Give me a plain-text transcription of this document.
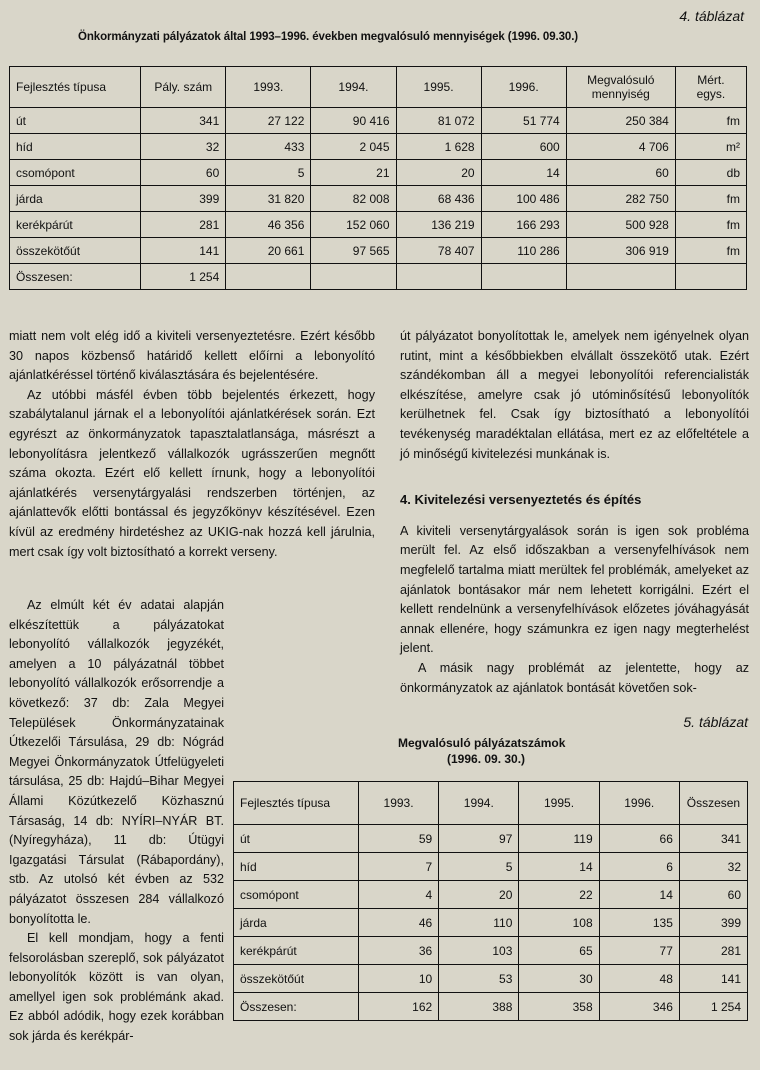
4. táblázat
Önkormányzati pályázatok által 1993–1996. években megvalósuló mennyiségek (1996. 09.30.)
Fejlesztés típusa	Pály. szám	1993.	1994.	1995.	1996.	Megvalósuló mennyiség	Mért. egys.
út	341	27 122	90 416	81 072	51 774	250 384	fm
híd	32	433	2 045	1 628	600	4 706	m²
csomópont	60	5	21	20	14	60	db
járda	399	31 820	82 008	68 436	100 486	282 750	fm
kerékpárút	281	46 356	152 060	136 219	166 293	500 928	fm
összekötőút	141	20 661	97 565	78 407	110 286	306 919	fm
Összesen:	1 254						

miatt nem volt elég idő a kiviteli versenyeztetésre. Ezért később 30 napos közbenső határidő kellett előírni a lebonyolító ajánlatkéréssel történő kiválasztására és bejelentésére.

Az utóbbi másfél évben több bejelentés érkezett, hogy szabálytalanul járnak el a lebonyolítói ajánlatkérések során. Ezt egyrészt az önkormányzatok tapasztalatlansága, másrészt a lebonyolításra jelentkező vállalkozók ugrásszerűen megnőtt száma okozta. Ezért elő kellett írnunk, hogy a lebonyolítói ajánlatkérés versenytárgyalási rendszerben történjen, az ajánlattevők előtti bontással és jegyzőkönyv készítésével. Ezen kívül az eredmény hirdetéshez az UKIG-nak hozzá kell járulnia, mert csak így volt biztosítható a korrekt verseny.

Az elmúlt két év adatai alapján elkészítettük a pályázatokat lebonyolító vállalkozók jegyzékét, amelyen a 10 pályázatnál többet lebonyolító vállalkozók erősorrendje a következő: 37 db: Zala Megyei Települések Önkormányzatainak Útkezelői Társulása, 29 db: Nógrád Megyei Önkormányzatok Útfelügyeleti társulása, 25 db: Hajdú–Bihar Megyei Állami Közútkezelő Közhasznú Társaság, 14 db: NYÍRI–NYÁR BT. (Nyíregyháza), 11 db: Útügyi Igazgatási Társulat (Rábapordány), stb. Az utolsó két évben az 532 pályázatot összesen 284 vállalkozó bonyolította le.

El kell mondjam, hogy a fenti felsorolásban szereplő, sok pályázatot lebonyolítók között is van olyan, amellyel igen sok problémánk akad. Ez abból adódik, hogy ezek korábban sok járda és kerékpár-

út pályázatot bonyolítottak le, amelyek nem igényelnek olyan rutint, mint a későbbiekben elvállalt összekötő utak. Ezért szándékomban áll a megyei lebonyolítói referencialisták elkészítése, amelyre csak jó utóminősítésű lebonyolítók kerülhetnek fel. Csak így biztosítható a lebonyolítói tevékenység maradéktalan ellátása, mert ez az előfeltétele a jó minőségű kivitelezési munkának is.

4. Kivitelezési versenyeztetés és építés

A kiviteli versenytárgyalások során is igen sok probléma merült fel. Az első időszakban a versenyfelhívások nem megfelelő tartalma miatt merültek fel problémák, amelyeket az ajánlatok bontásakor már nem lehetett korrigálni. Ezért el kellett rendelnünk a versenyfelhívások előzetes jóváhagyását annak ellenére, hogy számunkra ez igen nagy megterhelést jelent.

A másik nagy problémát az jelentette, hogy az önkormányzatok az ajánlatok bontását követően sok-

5. táblázat
Megvalósuló pályázatszámok
(1996. 09. 30.)
Fejlesztés típusa	1993.	1994.	1995.	1996.	Összesen
út	59	97	119	66	341
híd	7	5	14	6	32
csomópont	4	20	22	14	60
járda	46	110	108	135	399
kerékpárút	36	103	65	77	281
összekötőút	10	53	30	48	141
Összesen:	162	388	358	346	1 254
